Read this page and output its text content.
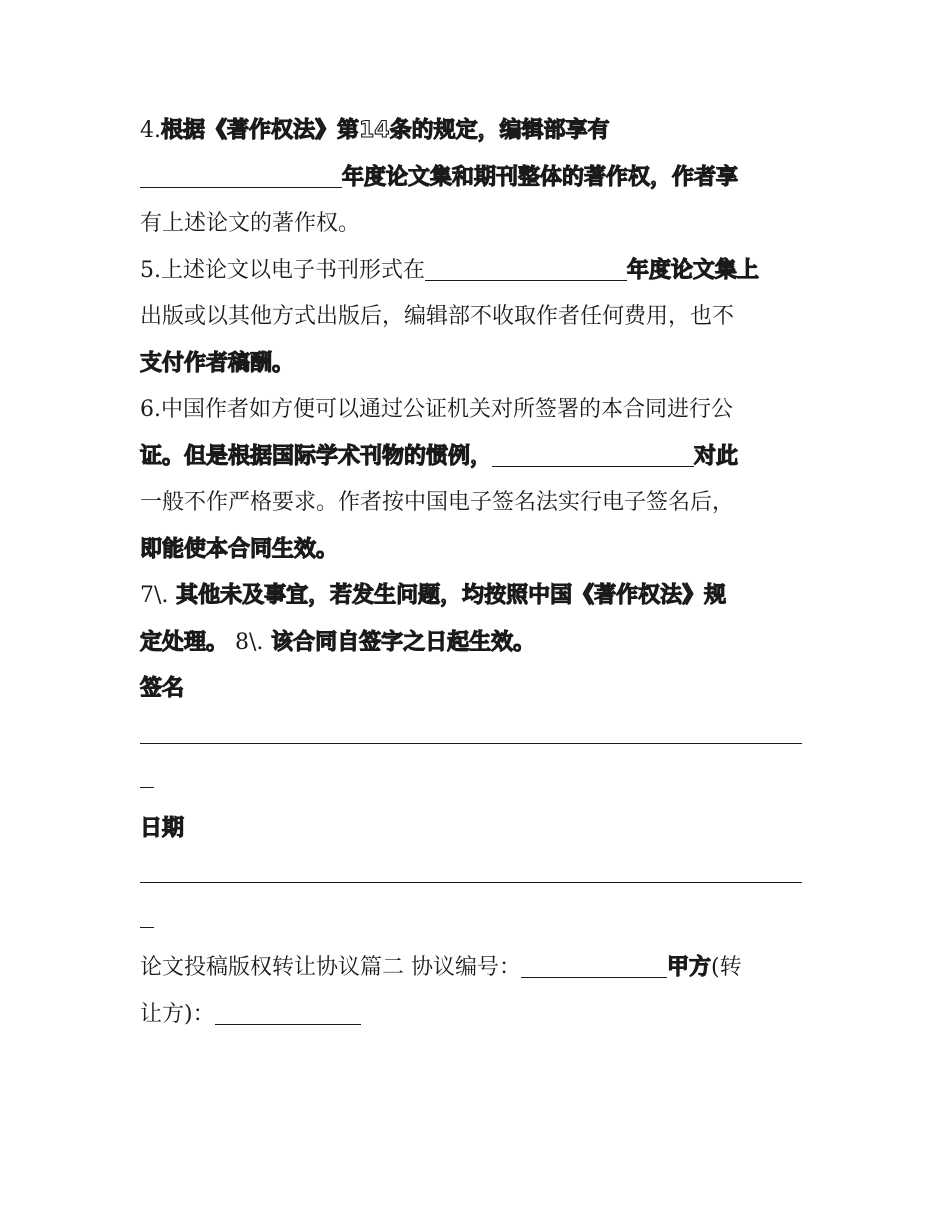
4.根据《著作权法》第14条的规定，编辑部享有
年度论文集和期刊整体的著作权，作者享
有上述论文的著作权。
5.上述论文以电子书刊形式在	年度论文集上
出版或以其他方式出版后，编辑部不收取作者任何费用，也不
支付作者稿酬。
6.中国作者如方便可以通过公证机关对所签署的本合同进行公
证。但是根据国际学术刊物的惯例，	对此
一般不作严格要求。作者按中国电子签名法实行电子签名后，
即能使本合同生效。
7\. 其他未及事宜，若发生问题，均按照中国《著作权法》规
定处理。 8\. 该合同自签字之日起生效。
签名
日期
论文投稿版权转让协议篇二 协议编号：	甲方(转
让方)：
